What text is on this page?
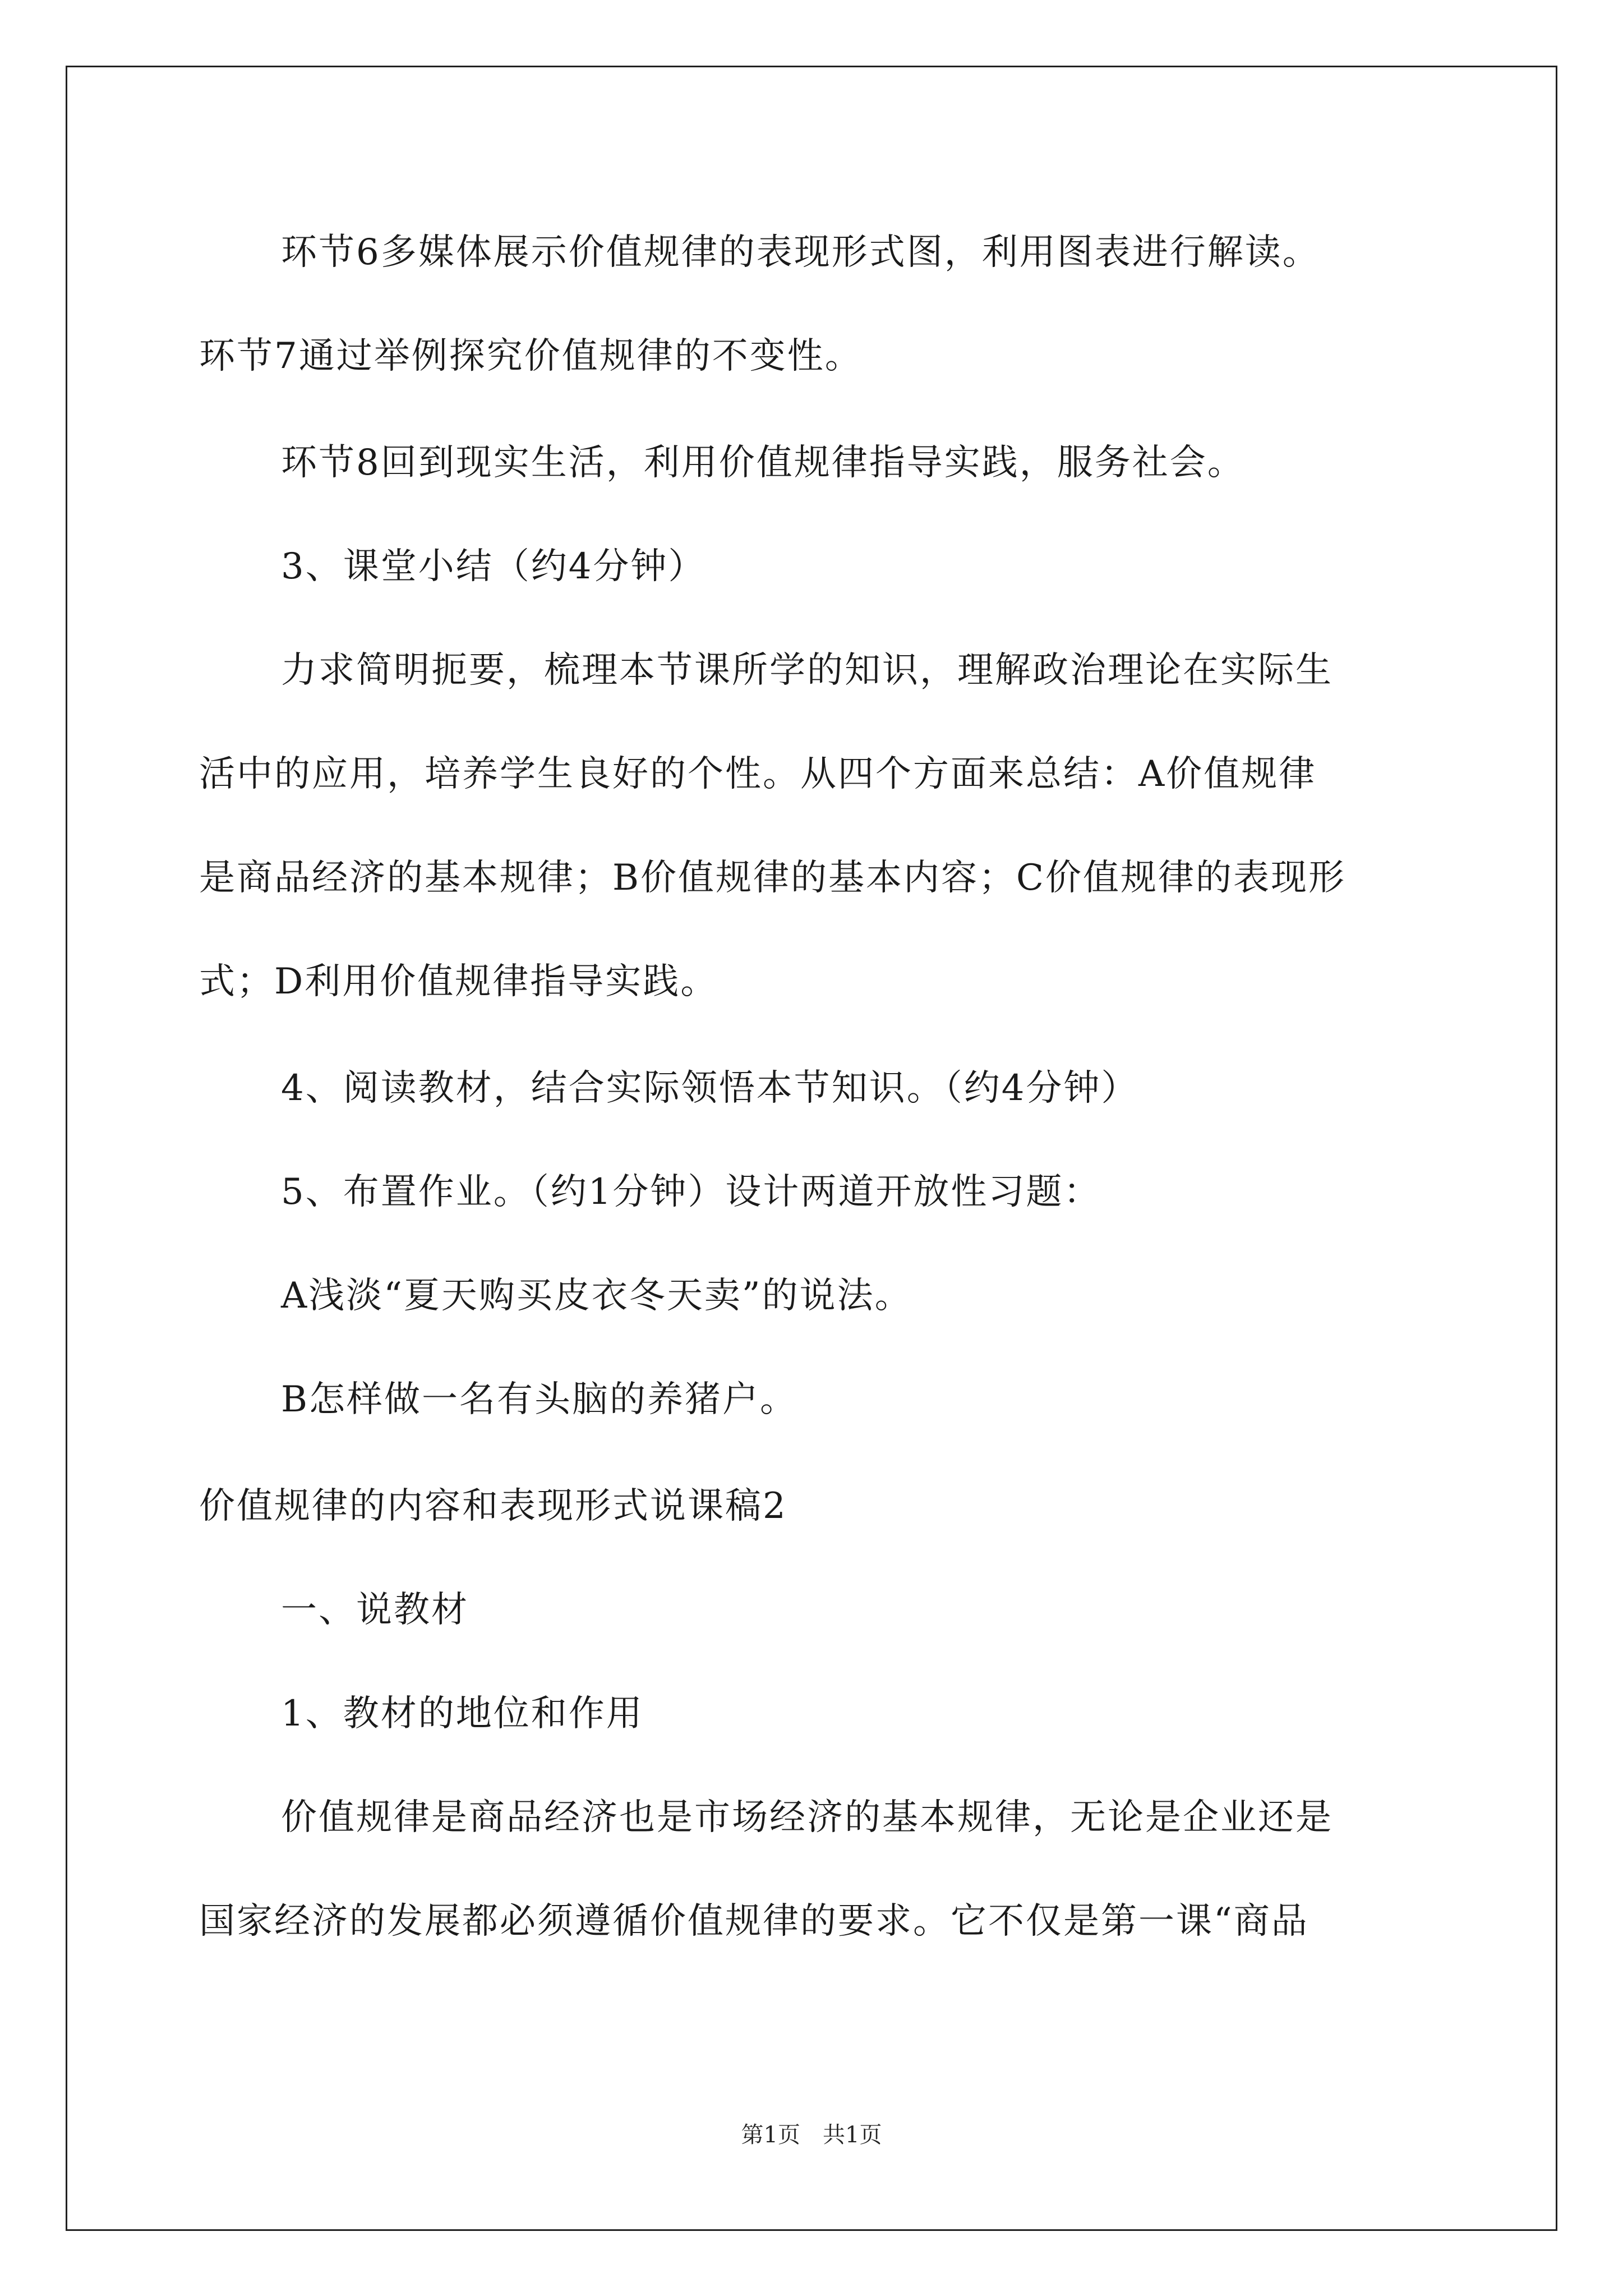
环节6多媒体展示价值规律的表现形式图，利用图表进行解读。
环节7通过举例探究价值规律的不变性。
环节8回到现实生活，利用价值规律指导实践，服务社会。
3、课堂小结（约4分钟）
力求简明扼要，梳理本节课所学的知识，理解政治理论在实际生
活中的应用，培养学生良好的个性。从四个方面来总结：A价值规律
是商品经济的基本规律；B价值规律的基本内容；C价值规律的表现形
式；D利用价值规律指导实践。
4、阅读教材，结合实际领悟本节知识。（约4分钟）
5、布置作业。（约1分钟）设计两道开放性习题：
A浅淡“夏天购买皮衣冬天卖”的说法。
B怎样做一名有头脑的养猪户。
价值规律的内容和表现形式说课稿2
一、说教材
1、教材的地位和作用
价值规律是商品经济也是市场经济的基本规律，无论是企业还是
国家经济的发展都必须遵循价值规律的要求。它不仅是第一课“商品
第1页　共1页
